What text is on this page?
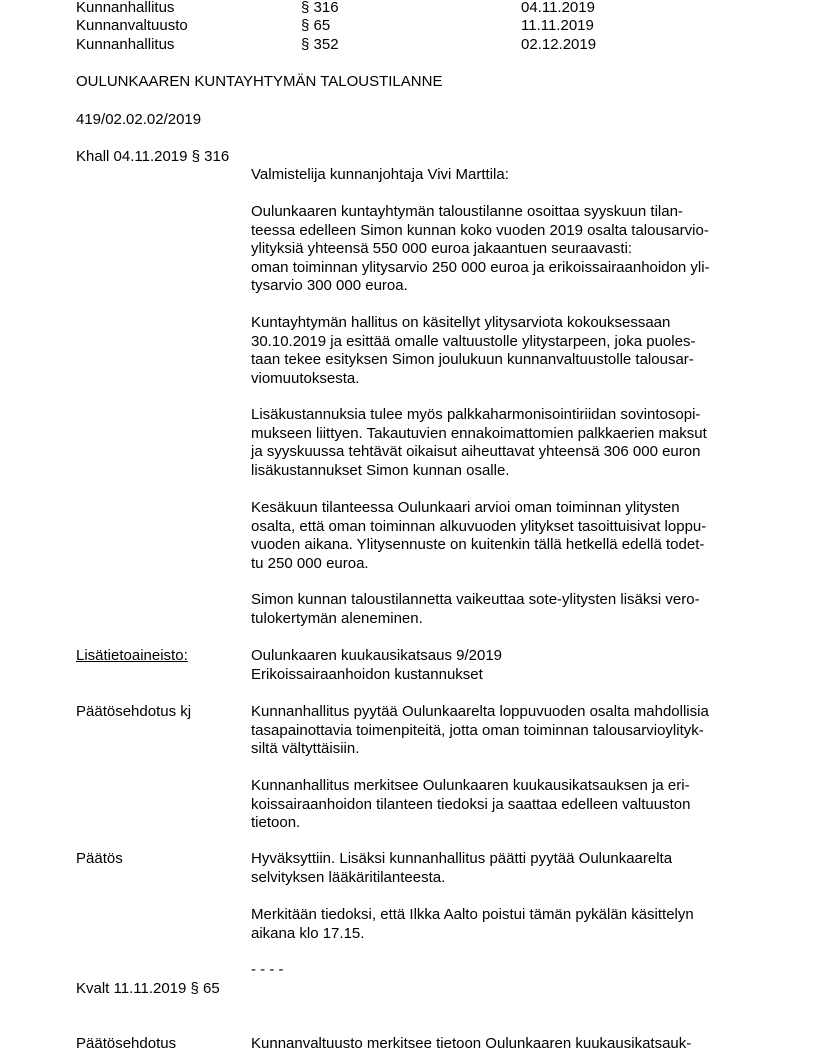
Kunnanhallitus	§ 316	04.11.2019
Kunnanvaltuusto	§ 65	11.11.2019
Kunnanhallitus	§ 352	02.12.2019
OULUNKAAREN KUNTAYHTYMÄN TALOUSTILANNE
419/02.02.02/2019
Khall 04.11.2019 § 316
Valmistelija kunnanjohtaja Vivi Marttila:

Oulunkaaren kuntayhtymän taloustilanne osoittaa syyskuun tilan-

teessa edelleen Simon kunnan koko vuoden 2019 osalta talousarvio-

ylityksiä yhteensä 550 000 euroa jakaantuen seuraavasti:

oman toiminnan ylitysarvio 250 000 euroa ja erikoissairaanhoidon yli-

tysarvio 300 000 euroa.

Kuntayhtymän hallitus on käsitellyt ylitysarviota kokouksessaan

30.10.2019 ja esittää omalle valtuustolle ylitystarpeen, joka puoles-

taan tekee esityksen Simon joulukuun kunnanvaltuustolle talousar-

viomuutoksesta.

Lisäkustannuksia tulee myös palkkaharmonisointiriidan sovintosopi-

mukseen liittyen. Takautuvien ennakoimattomien palkkaerien maksut

ja syyskuussa tehtävät oikaisut aiheuttavat yhteensä 306 000 euron

lisäkustannukset Simon kunnan osalle.

Kesäkuun tilanteessa Oulunkaari arvioi oman toiminnan ylitysten

osalta, että oman toiminnan alkuvuoden ylitykset tasoittuisivat loppu-

vuoden aikana. Ylitysennuste on kuitenkin tällä hetkellä edellä todet-

tu 250 000 euroa.

Simon kunnan taloustilannetta vaikeuttaa sote-ylitysten lisäksi vero-

tulokertymän aleneminen.

Lisätietoaineisto:	Oulunkaaren kuukausikatsaus 9/2019

Erikoissairaanhoidon kustannukset

Päätösehdotus kj	Kunnanhallitus pyytää Oulunkaarelta loppuvuoden osalta mahdollisia

tasapainottavia toimenpiteitä, jotta oman toiminnan talousarvioylityk-

siltä vältyttäisiin.

Kunnanhallitus merkitsee Oulunkaaren kuukausikatsauksen ja eri-

koissairaanhoidon tilanteen tiedoksi ja saattaa edelleen valtuuston

tietoon.

Päätös	Hyväksyttiin. Lisäksi kunnanhallitus päätti pyytää Oulunkaarelta

selvityksen lääkäritilanteesta.

Merkitään tiedoksi, että Ilkka Aalto poistui tämän pykälän käsittelyn

aikana klo 17.15.

- - - -
Kvalt 11.11.2019 § 65
Päätösehdotus	Kunnanvaltuusto merkitsee tietoon Oulunkaaren kuukausikatsauk-
